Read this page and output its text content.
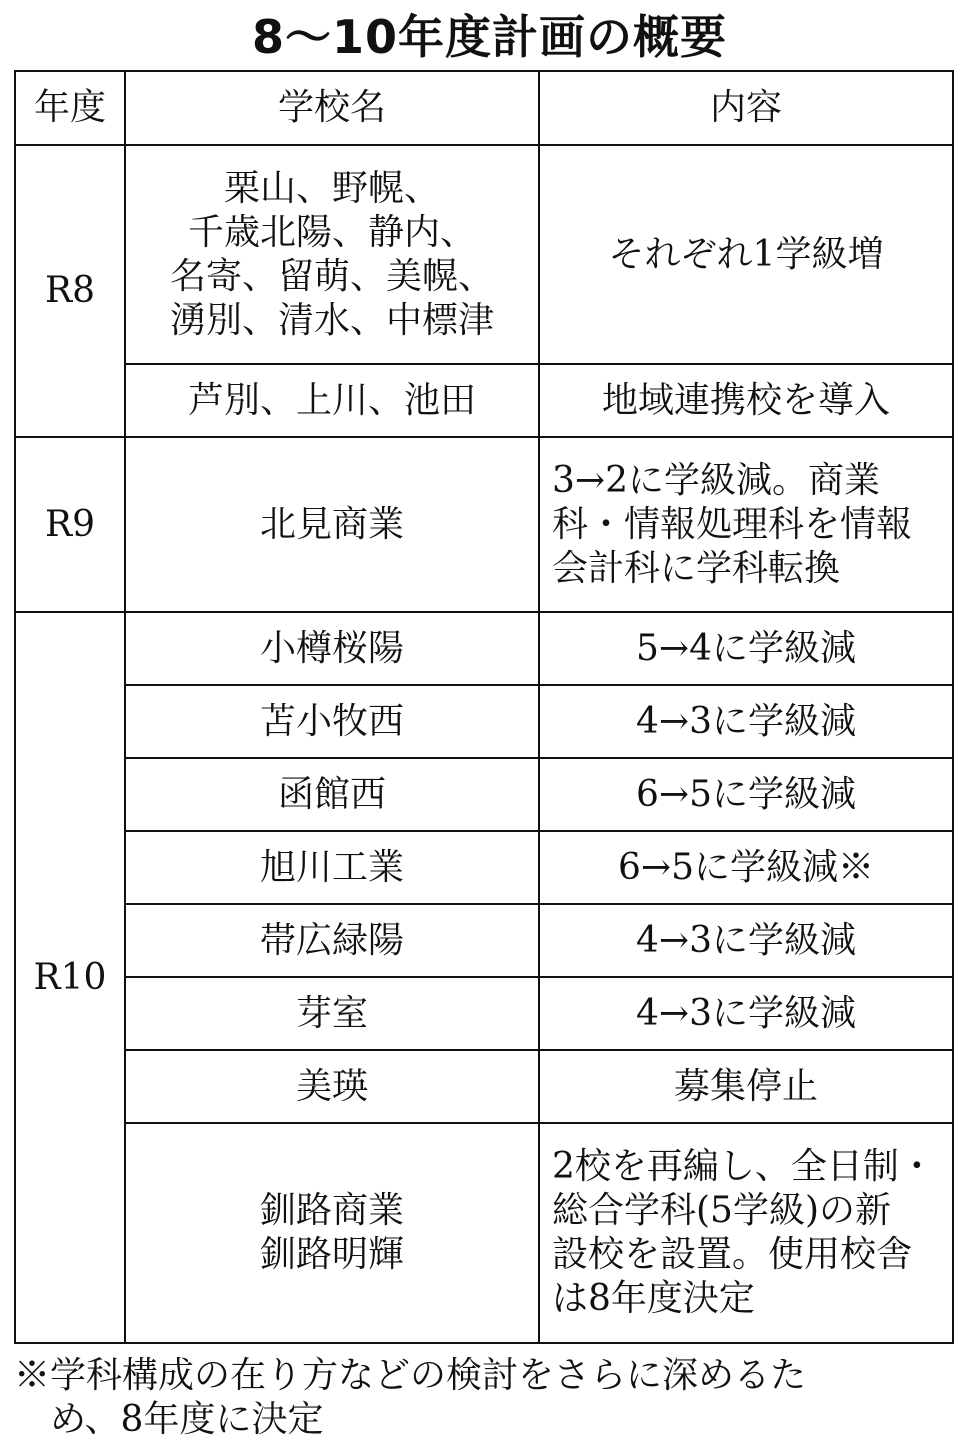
8〜10年度計画の概要
年度	学校名	内容
R8	栗山、野幌、
千歳北陽、静内、
名寄、留萌、美幌、
湧別、清水、中標津	それぞれ1学級増
	芦別、上川、池田	地域連携校を導入
R9	北見商業	3→2に学級減。商業
科・情報処理科を情報
会計科に学科転換
R10	小樽桜陽	5→4に学級減
	苫小牧西	4→3に学級減
	函館西	6→5に学級減
	旭川工業	6→5に学級減※
	帯広緑陽	4→3に学級減
	芽室	4→3に学級減
	美瑛	募集停止
	釧路商業
釧路明輝	2校を再編し、全日制・
総合学科(5学級)の新
設校を設置。使用校舎
は8年度決定
※学科構成の在り方などの検討をさらに深めるた
　め、8年度に決定
